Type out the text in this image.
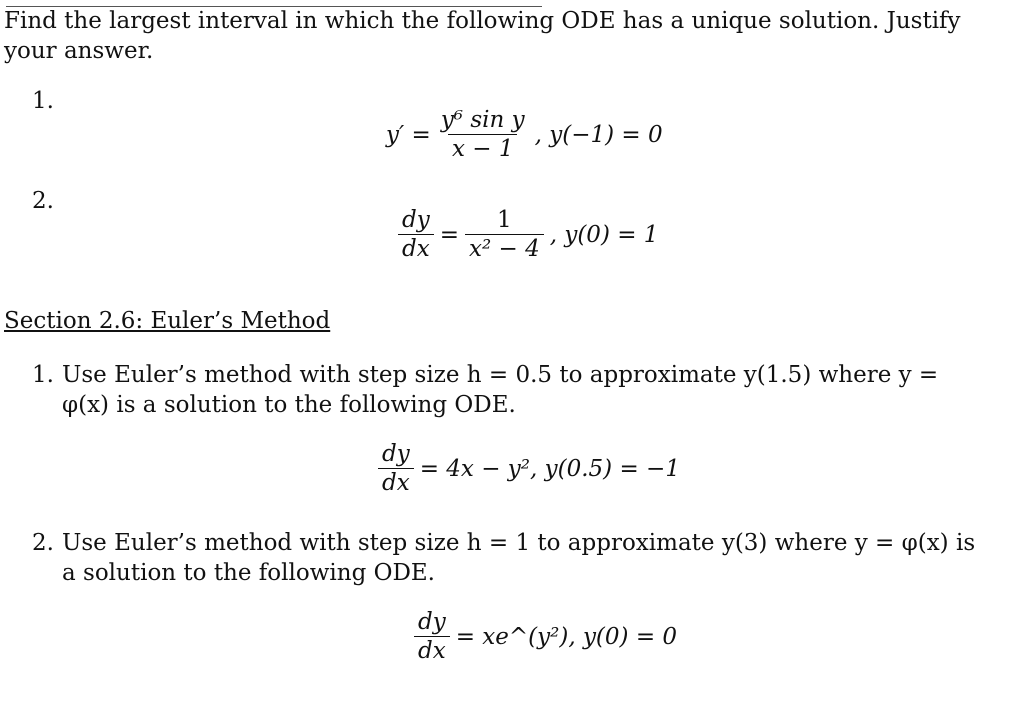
Find the largest interval in which the following ODE has a unique solution. Justify your answer.
1.
$y' = \frac{\text{y⁶ sin y}}{x - 1}$ , y(−1) = 0
2.
$\frac{dy}{dx} = \frac{1}{\text{x² − 4}}$ , y(0) = 1
Section 2.6: Euler’s Method
1. Use Euler’s method with step size h = 0.5 to approximate y(1.5) where y = φ(x) is a solution to the following ODE.
$\frac{dy}{dx} = 4x - y^2$, y(0.5) = −1
2. Use Euler’s method with step size h = 1 to approximate y(3) where y = φ(x) is a solution to the following ODE.
$\frac{dy}{dx}$ = xe^(y²), y(0) = 0
